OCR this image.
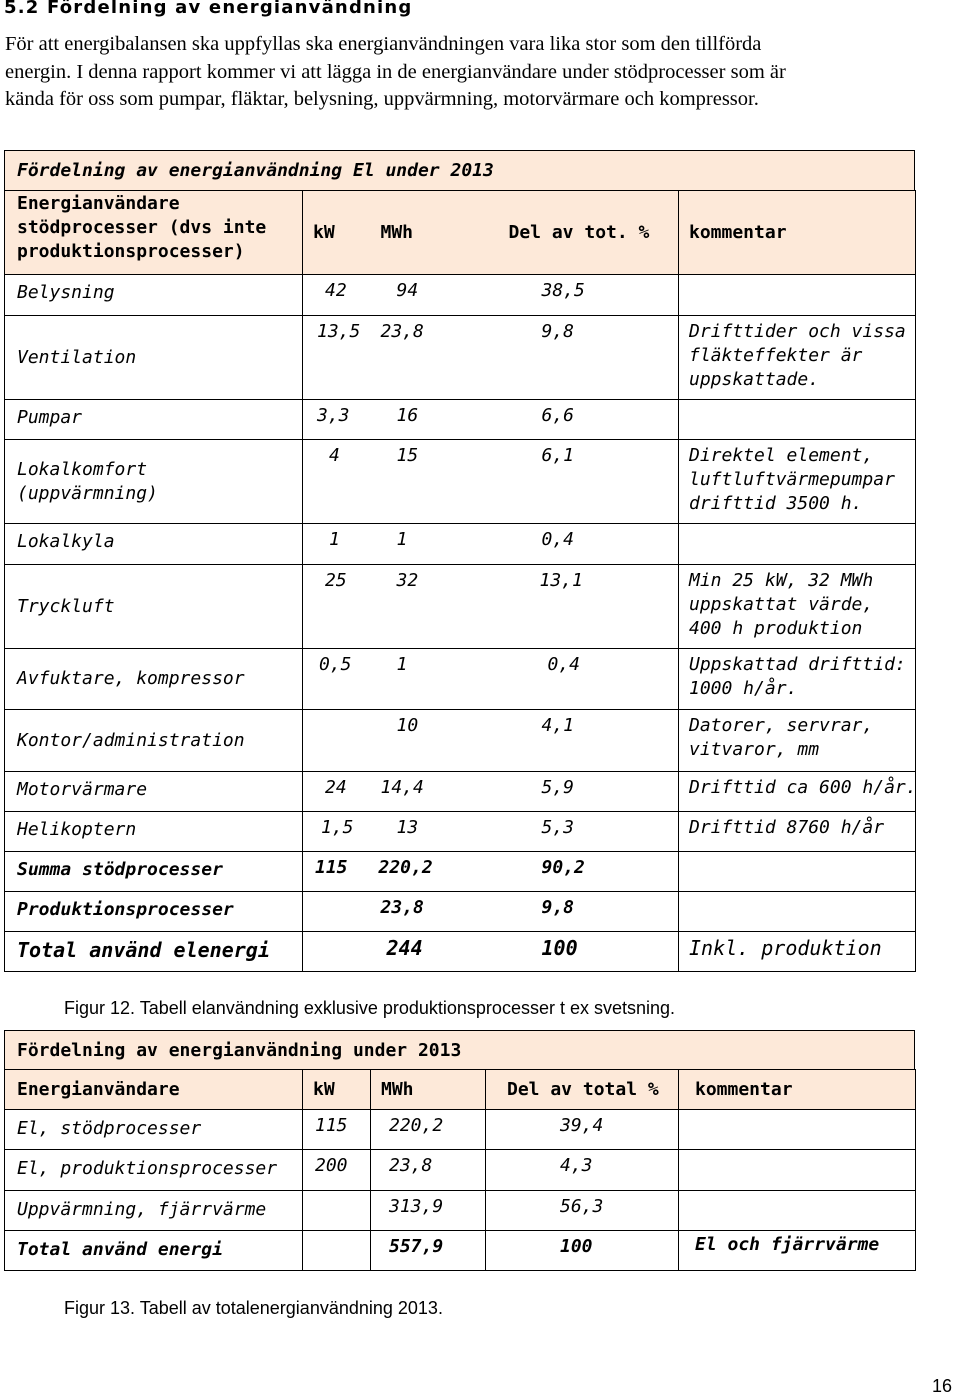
5.2 Fördelning av energianvändning

För att energibalansen ska uppfyllas ska energianvändningen vara lika stor som den tillförda
energin. I denna rapport kommer vi att lägga in de energianvändare under stödprocesser som är
kända för oss som pumpar, fläktar, belysning, uppvärmning, motorvärmare och kompressor.

Fördelning av energianvändning El under 2013
Energianvändare
stödprocesser (dvs inte
produktionsprocesser)	kW	MWh	Del av tot. %	kommentar

Belysning	42	94	38,5	

Ventilation	13,5	23,8	9,8	Drifttider och vissa
fläkteffekter är
uppskattade.

Pumpar	3,3	16	6,6	

Lokalkomfort
(uppvärmning)	4	15	6,1	Direktel element,
luftluftvärmepumpar
drifttid 3500 h.

Lokalkyla	1	1	0,4	

Tryckluft	25	32	13,1	Min 25 kW, 32 MWh
uppskattat värde,
400 h produktion

Avfuktare, kompressor	0,5	1	0,4	Uppskattad drifttid:
1000 h/år.

Kontor/administration		10	4,1	Datorer, servrar,
vitvaror, mm

Motorvärmare	24	14,4	5,9	Drifttid ca 600 h/år.

Helikoptern	1,5	13	5,3	Drifttid 8760 h/år

Summa stödprocesser	115	220,2	90,2	

Produktionsprocesser		23,8	9,8	

Total använd elenergi		244	100	Inkl. produktion

Figur 12. Tabell elanvändning exklusive produktionsprocesser t ex svetsning.

Fördelning av energianvändning under 2013
Energianvändare	kW	MWh	Del av total %	kommentar
El, stödprocesser	115	220,2	39,4	
El, produktionsprocesser	200	23,8	4,3	
Uppvärmning, fjärrvärme		313,9	56,3	
Total använd energi		557,9	100	El och fjärrvärme

Figur 13. Tabell av totalenergianvändning 2013.

16
